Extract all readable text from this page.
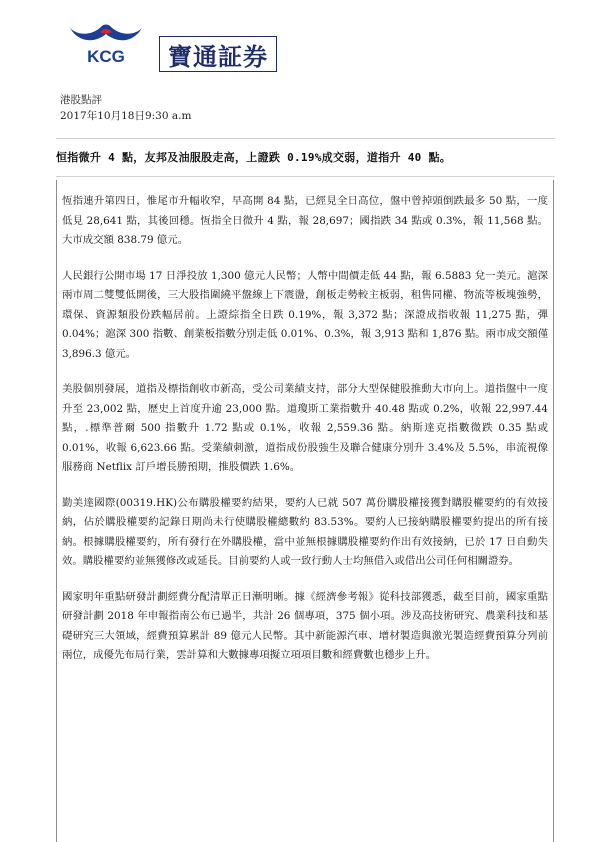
KCG 寶通証券
港股點評
2017年10月18日9:30 a.m
恒指微升 4 點，友邦及油服股走高，上證跌 0.19%成交弱，道指升 40 點。

恆指連升第四日，惟尾市升幅收窄，早高開 84 點，已經見全日高位，盤中曾掉頭倒跌最多 50 點，一度低見 28,641 點，其後回穩。恆指全日微升 4 點，報 28,697；國指跌 34 點或 0.3%，報 11,568 點。大市成交額 838.79 億元。

人民銀行公開市場 17 日淨投放 1,300 億元人民幣；人幣中間價走低 44 點，報 6.5883 兌一美元。滬深兩市周二雙雙低開後，三大股指圍繞平盤線上下震盪，創板走勢較主板弱，租售同權、物流等板塊強勢，環保、資源類股份跌幅居前。上證綜指全日跌 0.19%，報 3,372 點；深證成指收報 11,275 點，彈 0.04%；滬深 300 指數、創業板指數分別走低 0.01%、0.3%，報 3,913 點和 1,876 點。兩市成交額僅 3,896.3 億元。

美股個別發展，道指及標指創收市新高，受公司業績支持，部分大型保健股推動大市向上。道指盤中一度升至 23,002 點，歷史上首度升逾 23,000 點。道瓊斯工業指數升 40.48 點或 0.2%，收報 22,997.44 點，.標準普爾 500 指數升 1.72 點或 0.1%，收報 2,559.36 點。納斯達克指數微跌 0.35 點或 0.01%，收報 6,623.66 點。受業績刺激，道指成份股強生及聯合健康分別升 3.4%及 5.5%，串流視像服務商 Netflix 訂戶增長勝預期，推股價跌 1.6%。

勤美達國際(00319.HK)公布購股權要約結果，要約人已就 507 萬份購股權接獲對購股權要約的有效接納，佔於購股權要約記錄日期尚未行使購股權總數約 83.53%。要約人已接納購股權要約提出的所有接納。根據購股權要約，所有發行在外購股權，當中並無根據購股權要約作出有效接納，已於 17 日自動失效。購股權要約並無獲修改或延長。目前要約人或一致行動人士均無借入或借出公司任何相關證券。

國家明年重點研發計劃經費分配清單正日漸明晰。據《經濟參考報》從科技部獲悉，截至目前，國家重點研發計劃 2018 年申報指南公布已過半，共計 26 個專項，375 個小項。涉及高技術研究、農業科技和基礎研究三大領域，經費預算累計 89 億元人民幣。其中新能源汽車、增材製造與激光製造經費預算分列前兩位，成優先布局行業，雲計算和大數據專項擬立項項目數和經費數也穩步上升。
